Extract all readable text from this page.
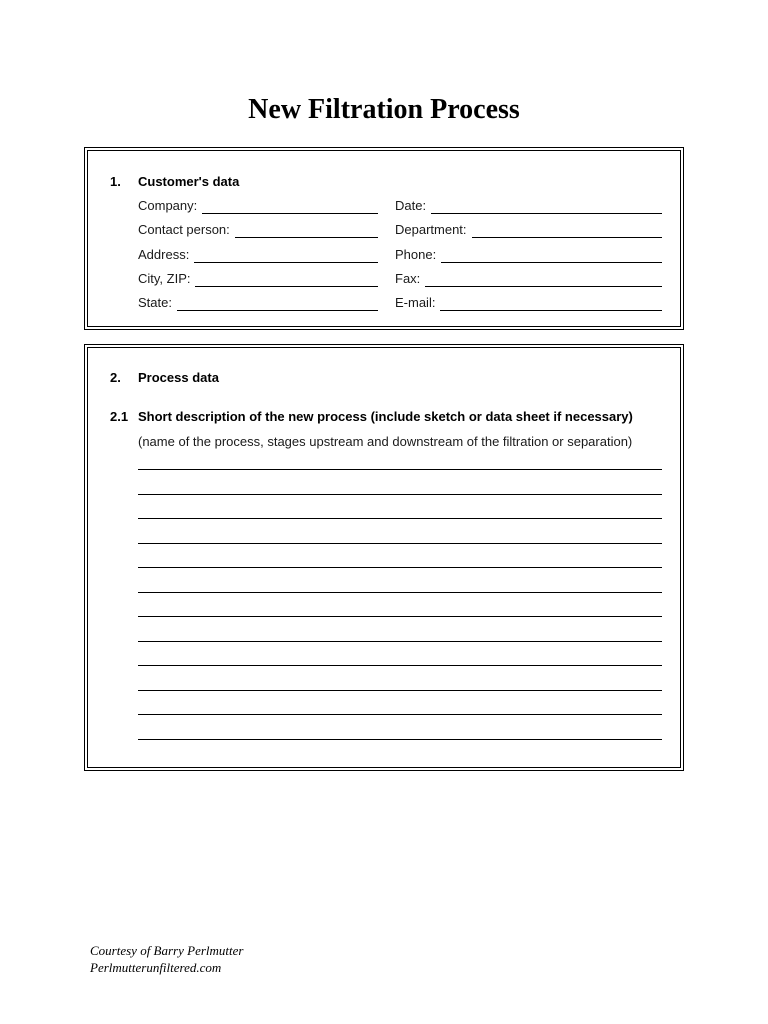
New Filtration Process
1. Customer's data
Company:	Date:
Contact person:	Department:
Address:	Phone:
City, ZIP:	Fax:
State:	E-mail:
2. Process data
2.1 Short description of the new process (include sketch or data sheet if necessary)
(name of the process, stages upstream and downstream of the filtration or separation)
Courtesy of Barry Perlmutter
Perlmutterunfiltered.com
